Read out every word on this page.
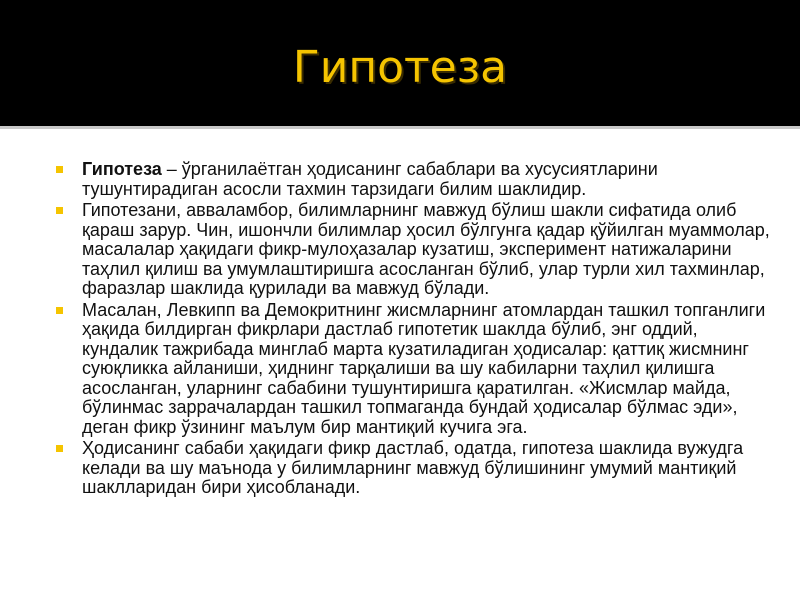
Гипотеза
Гипотеза – ўрганилаётган ҳодисанинг сабаблари ва хусусиятларини тушунтирадиган асосли тахмин тарзидаги билим шаклидир.
Гипотезани, авваламбор, билимларнинг мавжуд бўлиш шакли сифатида олиб қараш зарур. Чин, ишончли билимлар ҳосил бўлгунга қадар қўйилган муаммолар, масалалар ҳақидаги фикр-мулоҳазалар кузатиш, эксперимент натижаларини таҳлил қилиш ва умумлаштиришга асосланган бўлиб, улар турли хил тахминлар, фаразлар шаклида қурилади ва мавжуд бўлади.
Масалан, Левкипп ва Демокритнинг жисмларнинг атомлардан ташкил топганлиги ҳақида билдирган фикрлари дастлаб гипотетик шаклда бўлиб, энг оддий, кундалик тажрибада минглаб марта кузатиладиган ҳодисалар: қаттиқ жисмнинг суюқликка айланиши, ҳиднинг тарқалиши ва шу кабиларни таҳлил қилишга асосланган, уларнинг сабабини тушунтиришга қаратилган. «Жисмлар майда, бўлинмас заррачалардан ташкил топмаганда бундай ҳодисалар бўлмас эди», деган фикр ўзининг маълум бир мантиқий кучига эга.
Ҳодисанинг сабаби ҳақидаги фикр дастлаб, одатда, гипотеза шаклида вужудга келади ва шу маънода у билимларнинг мавжуд бўлишининг умумий мантиқий шаклларидан бири ҳисобланади.
